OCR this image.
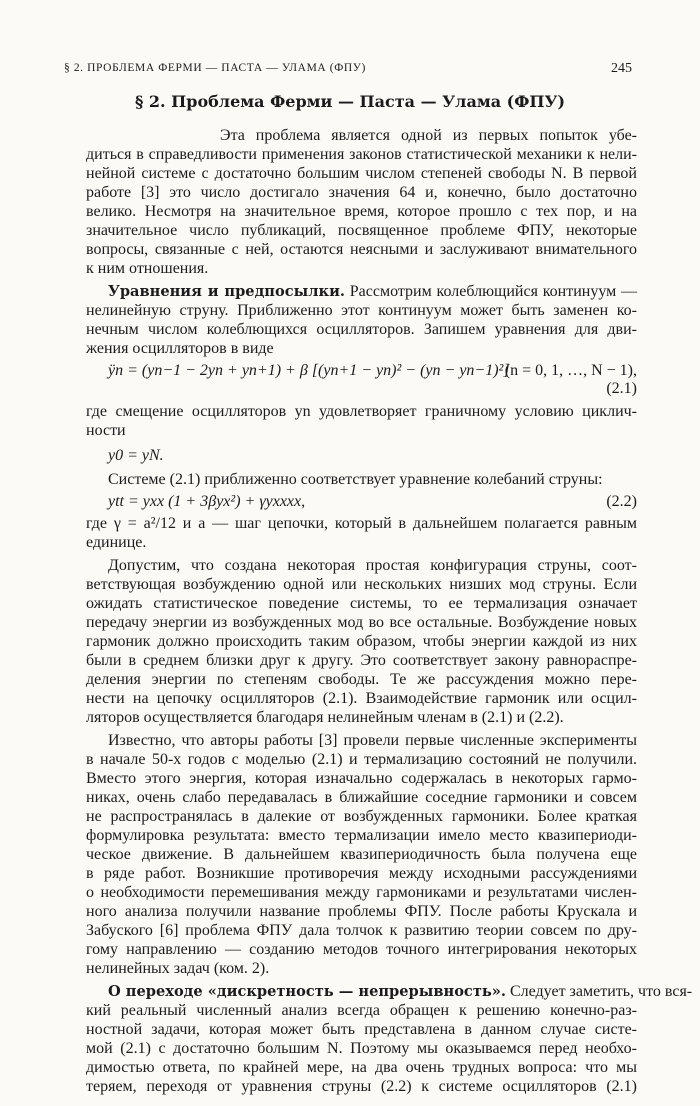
§ 2. ПРОБЛЕМА ФЕРМИ — ПАСТА — УЛАМА (ФПУ)	245
§ 2. Проблема Ферми — Паста — Улама (ФПУ)
Эта проблема является одной из первых попыток убе-
диться в справедливости применения законов статистической механики к нели-
нейной системе с достаточно большим числом степеней свободы N. В первой
работе [3] это число достигало значения 64 и, конечно, было достаточно
велико. Несмотря на значительное время, которое прошло с тех пор, и на
значительное число публикаций, посвященное проблеме ФПУ, некоторые
вопросы, связанные с ней, остаются неясными и заслуживают внимательного
к ним отношения.
Уравнения и предпосылки. Рассмотрим колеблющийся континуум —
нелинейную струну. Приближенно этот континуум может быть заменен ко-
нечным числом колеблющихся осцилляторов. Запишем уравнения для дви-
жения осцилляторов в виде
ÿn = (yn−1 − 2yn + yn+1) + β [(yn+1 − yn)² − (yn − yn−1)²]
(n = 0, 1, …, N − 1),
(2.1)
где смещение осцилляторов yn удовлетворяет граничному условию циклич-
ности
y0 = yN.
Системе (2.1) приближенно соответствует уравнение колебаний струны:
ytt = yxx (1 + 3βyx²) + γyxxxx,	(2.2)
где γ = a²/12 и a — шаг цепочки, который в дальнейшем полагается равным
единице.
Допустим, что создана некоторая простая конфигурация струны, соот-
ветствующая возбуждению одной или нескольких низших мод струны. Если
ожидать статистическое поведение системы, то ее термализация означает
передачу энергии из возбужденных мод во все остальные. Возбуждение новых
гармоник должно происходить таким образом, чтобы энергии каждой из них
были в среднем близки друг к другу. Это соответствует закону равнораспре-
деления энергии по степеням свободы. Те же рассуждения можно пере-
нести на цепочку осцилляторов (2.1). Взаимодействие гармоник или осцил-
ляторов осуществляется благодаря нелинейным членам в (2.1) и (2.2).
Известно, что авторы работы [3] провели первые численные эксперименты
в начале 50-х годов с моделью (2.1) и термализацию состояний не получили.
Вместо этого энергия, которая изначально содержалась в некоторых гармо-
никах, очень слабо передавалась в ближайшие соседние гармоники и совсем
не распространялась в далекие от возбужденных гармоники. Более краткая
формулировка результата: вместо термализации имело место квазипериоди-
ческое движение. В дальнейшем квазипериодичность была получена еще
в ряде работ. Возникшие противоречия между исходными рассуждениями
о необходимости перемешивания между гармониками и результатами числен-
ного анализа получили название проблемы ФПУ. После работы Крускала и
Забуского [6] проблема ФПУ дала толчок к развитию теории совсем по дру-
гому направлению — созданию методов точного интегрирования некоторых
нелинейных задач (ком. 2).
О переходе «дискретность — непрерывность». Следует заметить, что вся-
кий реальный численный анализ всегда обращен к решению конечно-раз-
ностной задачи, которая может быть представлена в данном случае систе-
мой (2.1) с достаточно большим N. Поэтому мы оказываемся перед необхо-
димостью ответа, по крайней мере, на два очень трудных вопроса: что мы
теряем, переходя от уравнения струны (2.2) к системе осцилляторов (2.1)
